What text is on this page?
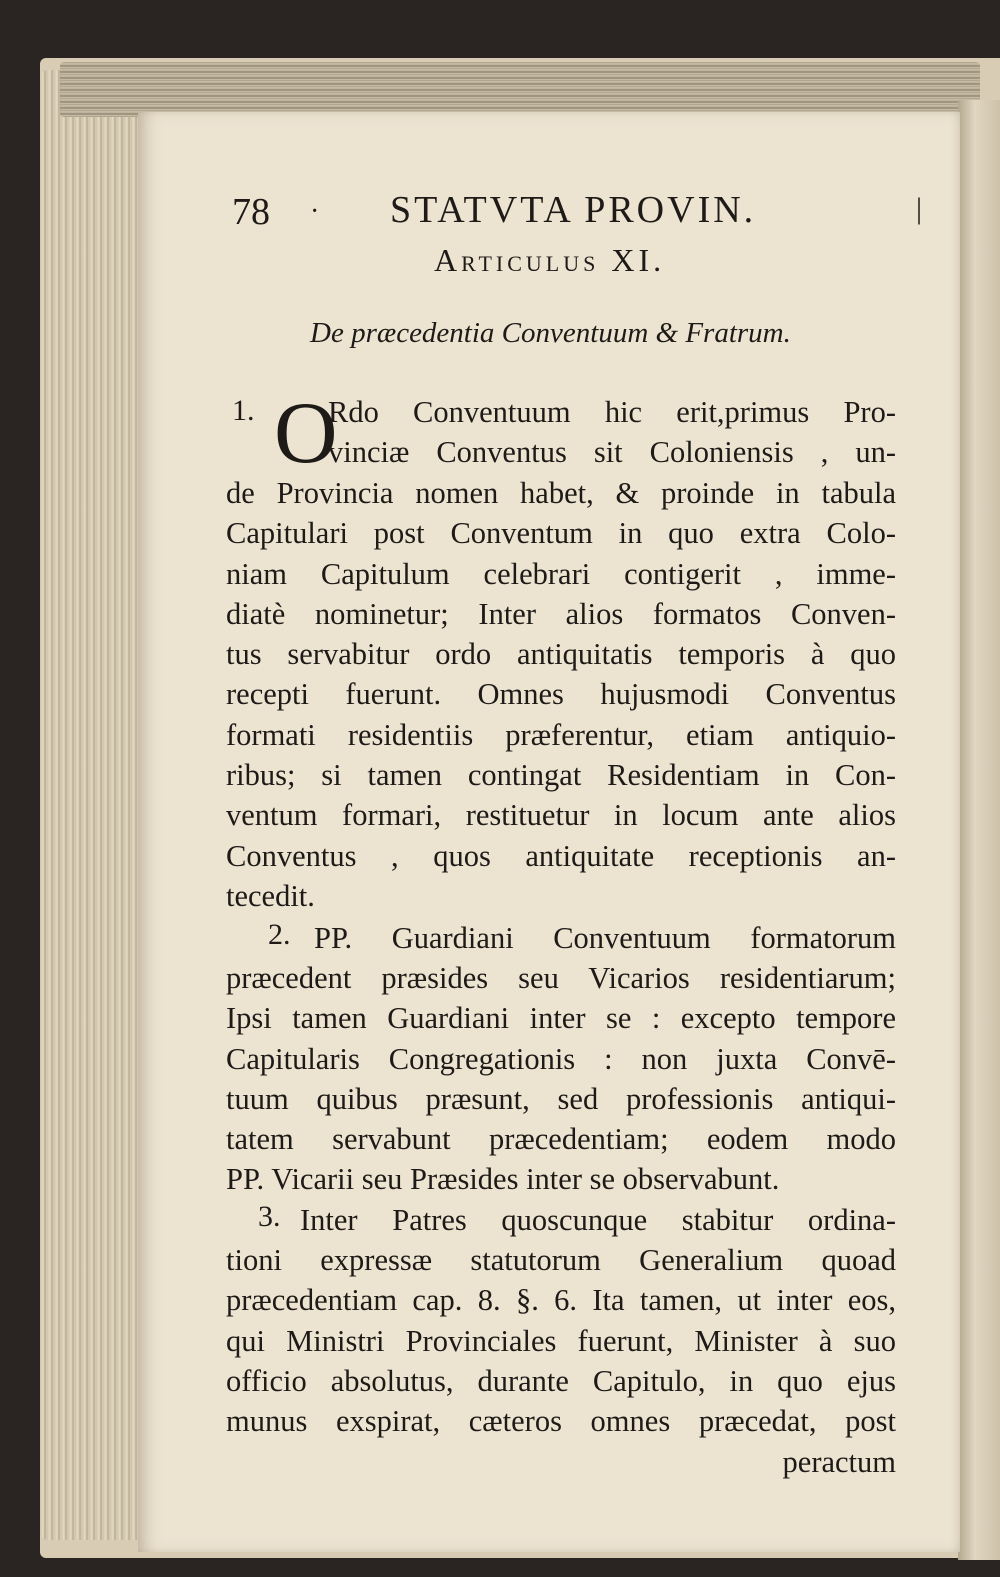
78 · STATVTA PROVIN.	|
Articulus XI.
De præcedentia Conventuum & Fratrum.
1. O
Rdo Conventuum hic erit,primus Pro-
vinciæ Conventus sit Coloniensis , un-
de Provincia nomen habet, & proinde in tabula
Capitulari post Conventum in quo extra Colo-
niam Capitulum celebrari contigerit , imme-
diatè nominetur; Inter alios formatos Conven-
tus servabitur ordo antiquitatis temporis à quo
recepti fuerunt. Omnes hujusmodi Conventus
formati residentiis præferentur, etiam antiquio-
ribus; si tamen contingat Residentiam in Con-
ventum formari, restituetur in locum ante alios
Conventus , quos antiquitate receptionis an-
tecedit.
2. PP. Guardiani Conventuum formatorum
præcedent præsides seu Vicarios residentiarum;
Ipsi tamen Guardiani inter se : excepto tempore
Capitularis Congregationis : non juxta Convē-
tuum quibus præsunt, sed professionis antiqui-
tatem servabunt præcedentiam; eodem modo
PP. Vicarii seu Præsides inter se observabunt.
3. Inter Patres quoscunque stabitur ordina-
tioni expressæ statutorum Generalium quoad
præcedentiam cap. 8. §. 6. Ita tamen, ut inter eos,
qui Ministri Provinciales fuerunt, Minister à suo
officio absolutus, durante Capitulo, in quo ejus
munus exspirat, cæteros omnes præcedat, post
peractum
